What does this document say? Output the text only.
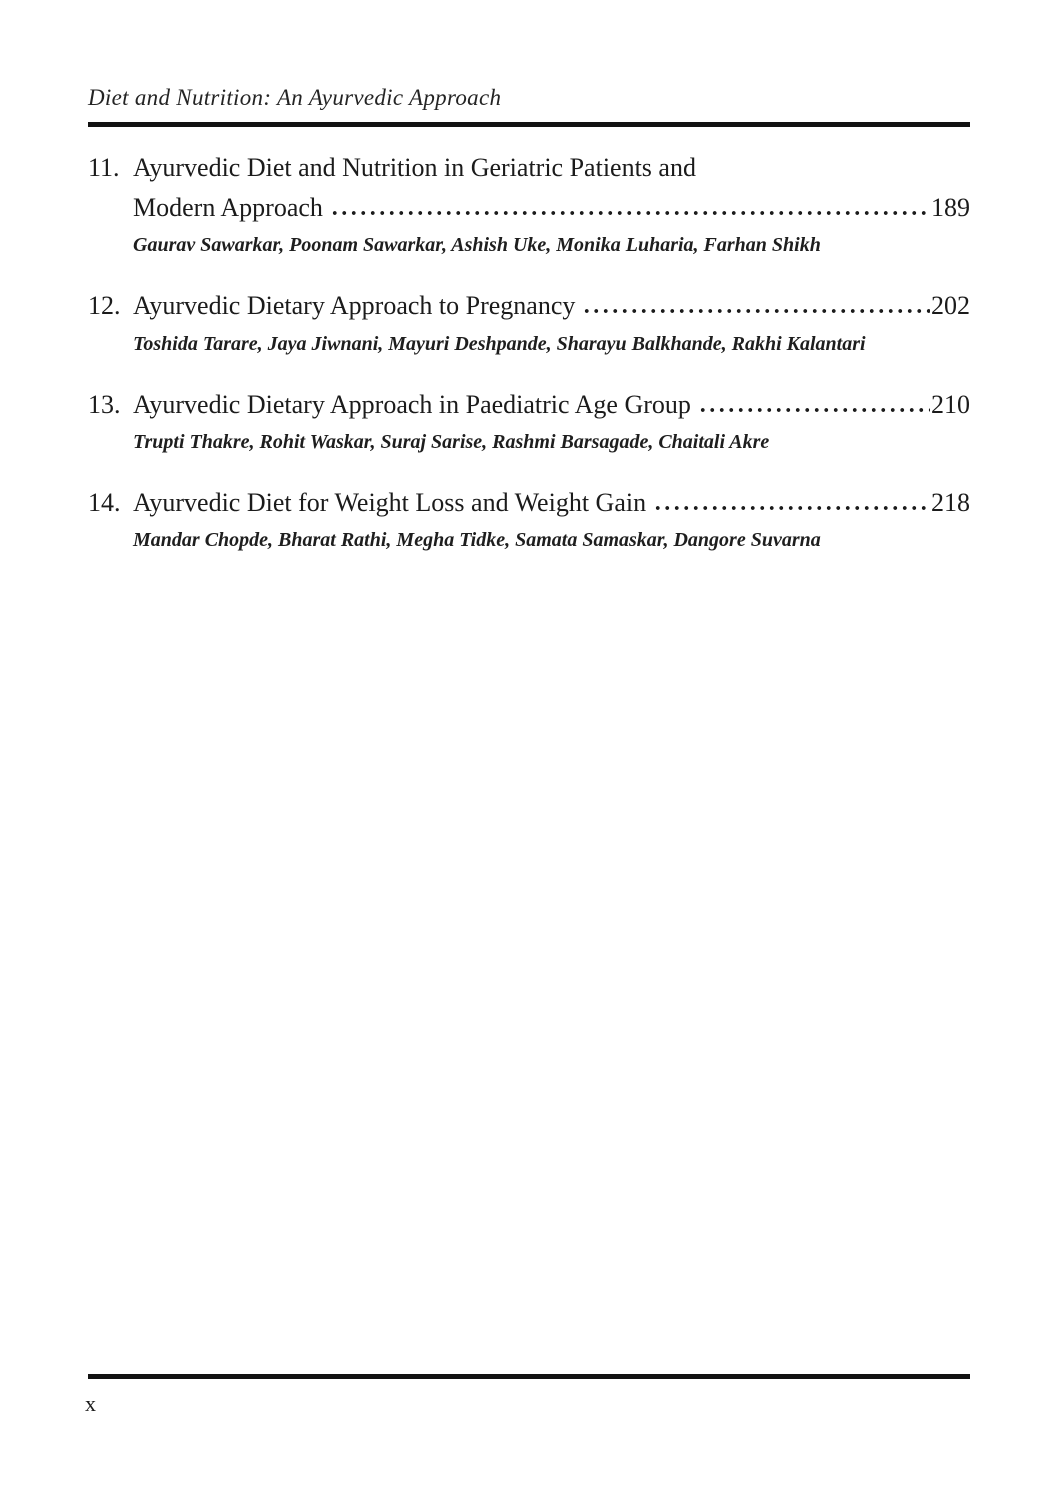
Diet and Nutrition: An Ayurvedic Approach
11. Ayurvedic Diet and Nutrition in Geriatric Patients and
Modern Approach	189
Gaurav Sawarkar, Poonam Sawarkar, Ashish Uke, Monika Luharia, Farhan Shikh
12. Ayurvedic Dietary Approach to Pregnancy	202
Toshida Tarare, Jaya Jiwnani, Mayuri Deshpande, Sharayu Balkhande, Rakhi Kalantari
13. Ayurvedic Dietary Approach in Paediatric Age Group	210
Trupti Thakre, Rohit Waskar, Suraj Sarise, Rashmi Barsagade, Chaitali Akre
14. Ayurvedic Diet for Weight Loss and Weight Gain	218
Mandar Chopde, Bharat Rathi, Megha Tidke, Samata Samaskar, Dangore Suvarna
x
